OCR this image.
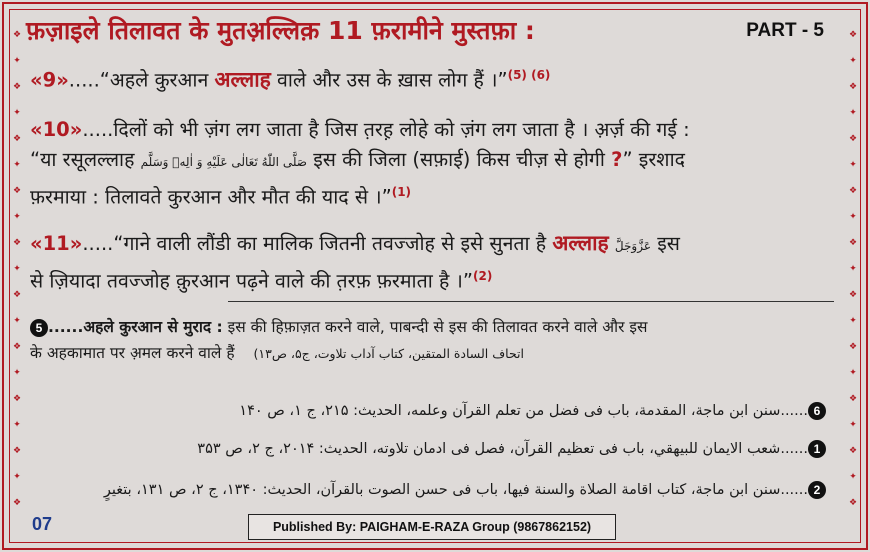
❖
✦
❖
✦
❖
✦
❖
✦
❖
✦
❖
✦
❖
✦
❖
✦
❖
✦
❖
❖
✦
❖
✦
❖
✦
❖
✦
❖
✦
❖
✦
❖
✦
❖
✦
❖
✦
❖
फ़ज़ाइले तिलावत के मुतअ़ल्लिक़ 11 फ़रामीने मुस्तफ़ा :	PART - 5
«9».....“अहले कुरआन अल्लाह वाले और उस के ख़ास लोग हैं ।”$^{(5) (6)}$
«10».....दिलों को भी ज़ंग लग जाता है जिस त़रह़ लोहे को ज़ंग लग जाता है । अ़र्ज़ की गई :
“या रसूलल्लाह صَلَّى اللّٰهُ تَعَالٰى عَلَيْهِ وَ اٰلِهٖ وَسَلَّم इस की जिला (सफ़ाई) किस चीज़ से होगी ?” इरशाद
फ़रमाया : तिलावते कुरआन और मौत की याद से ।”$^{(1)}$
«11».....“गाने वाली लौंडी का मालिक जितनी तवज्जोह से इसे सुनता है अल्लाह عَزَّوَجَلَّ इस
से ज़ियादा तवज्जोह क़ुरआन पढ़ने वाले की त़रफ़ फ़रमाता है ।”$^{(2)}$
5 ......अहले कुरआन से मुराद : इस की हिफ़ाज़त करने वाले, पाबन्दी से इस की तिलावत करने वाले और इस
के अहकामात पर अ़मल करने वाले हैं (اتحاف السادة المتقين، كتاب آداب تلاوت، ج۵، ص۱۳
6......سنن ابن ماجة، المقدمة، باب فى فضل من تعلم القرآن وعلمه، الحديث: ۲۱۵، ج ۱، ص ۱۴۰
1......شعب الايمان للبيهقي، باب فى تعظيم القرآن، فصل فى ادمان تلاوته، الحديث: ۲۰۱۴، ج ۲، ص ۳۵۳
2......سنن ابن ماجة، كتاب اقامة الصلاة والسنة فيها، باب فى حسن الصوت بالقرآن، الحديث: ۱۳۴۰، ج ۲، ص ۱۳۱، بتغيرٍ
07	Published By: PAIGHAM-E-RAZA Group (9867862152)
